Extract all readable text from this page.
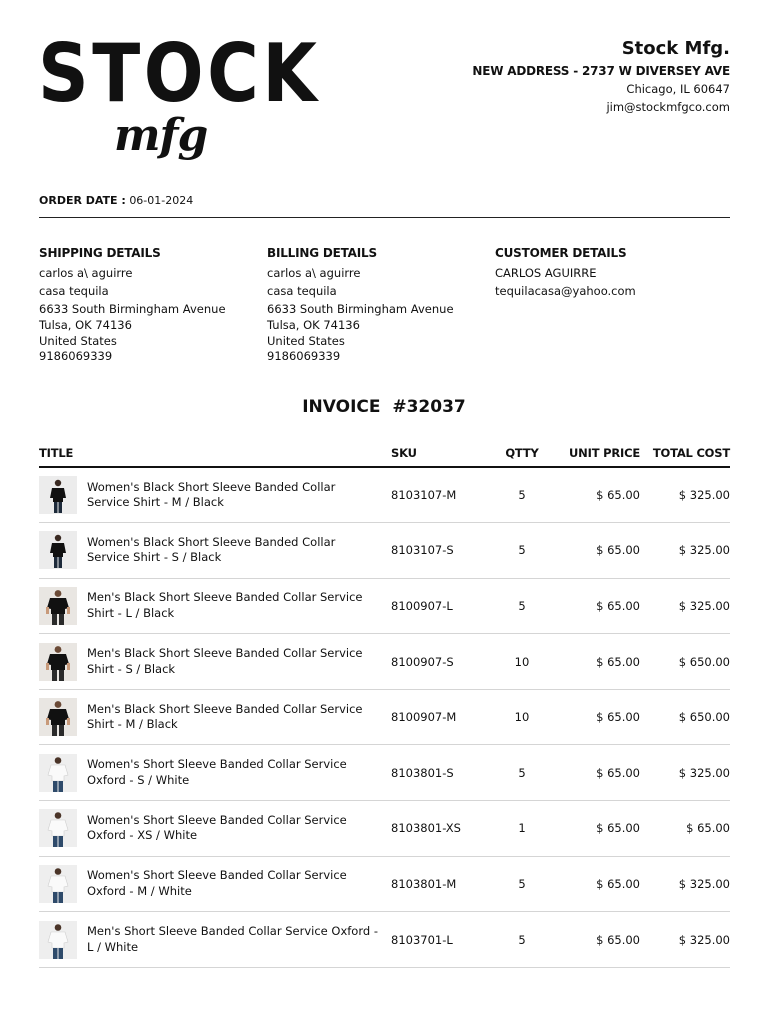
STOCK
mfg
Stock Mfg.
NEW ADDRESS - 2737 W DIVERSEY AVE
Chicago, IL 60647
jim@stockmfgco.com
ORDER DATE : 06-01-2024
SHIPPING DETAILS
carlos a\ aguirre
casa tequila
6633 South Birmingham Avenue
Tulsa, OK 74136
United States
9186069339
BILLING DETAILS
carlos a\ aguirre
casa tequila
6633 South Birmingham Avenue
Tulsa, OK 74136
United States
9186069339
CUSTOMER DETAILS
CARLOS AGUIRRE
tequilacasa@yahoo.com
INVOICE #32037
TITLE	SKU	QTTY	UNIT PRICE	TOTAL COST

Women's Black Short Sleeve Banded Collar Service Shirt - M / Black	8103107-M	5	$ 65.00	$ 325.00

Women's Black Short Sleeve Banded Collar Service Shirt - S / Black	8103107-S	5	$ 65.00	$ 325.00

Men's Black Short Sleeve Banded Collar Service Shirt - L / Black	8100907-L	5	$ 65.00	$ 325.00

Men's Black Short Sleeve Banded Collar Service Shirt - S / Black	8100907-S	10	$ 65.00	$ 650.00

Men's Black Short Sleeve Banded Collar Service Shirt - M / Black	8100907-M	10	$ 65.00	$ 650.00

Women's Short Sleeve Banded Collar Service Oxford - S / White	8103801-S	5	$ 65.00	$ 325.00

Women's Short Sleeve Banded Collar Service Oxford - XS / White	8103801-XS	1	$ 65.00	$ 65.00

Women's Short Sleeve Banded Collar Service Oxford - M / White	8103801-M	5	$ 65.00	$ 325.00

Men's Short Sleeve Banded Collar Service Oxford - L / White	8103701-L	5	$ 65.00	$ 325.00
